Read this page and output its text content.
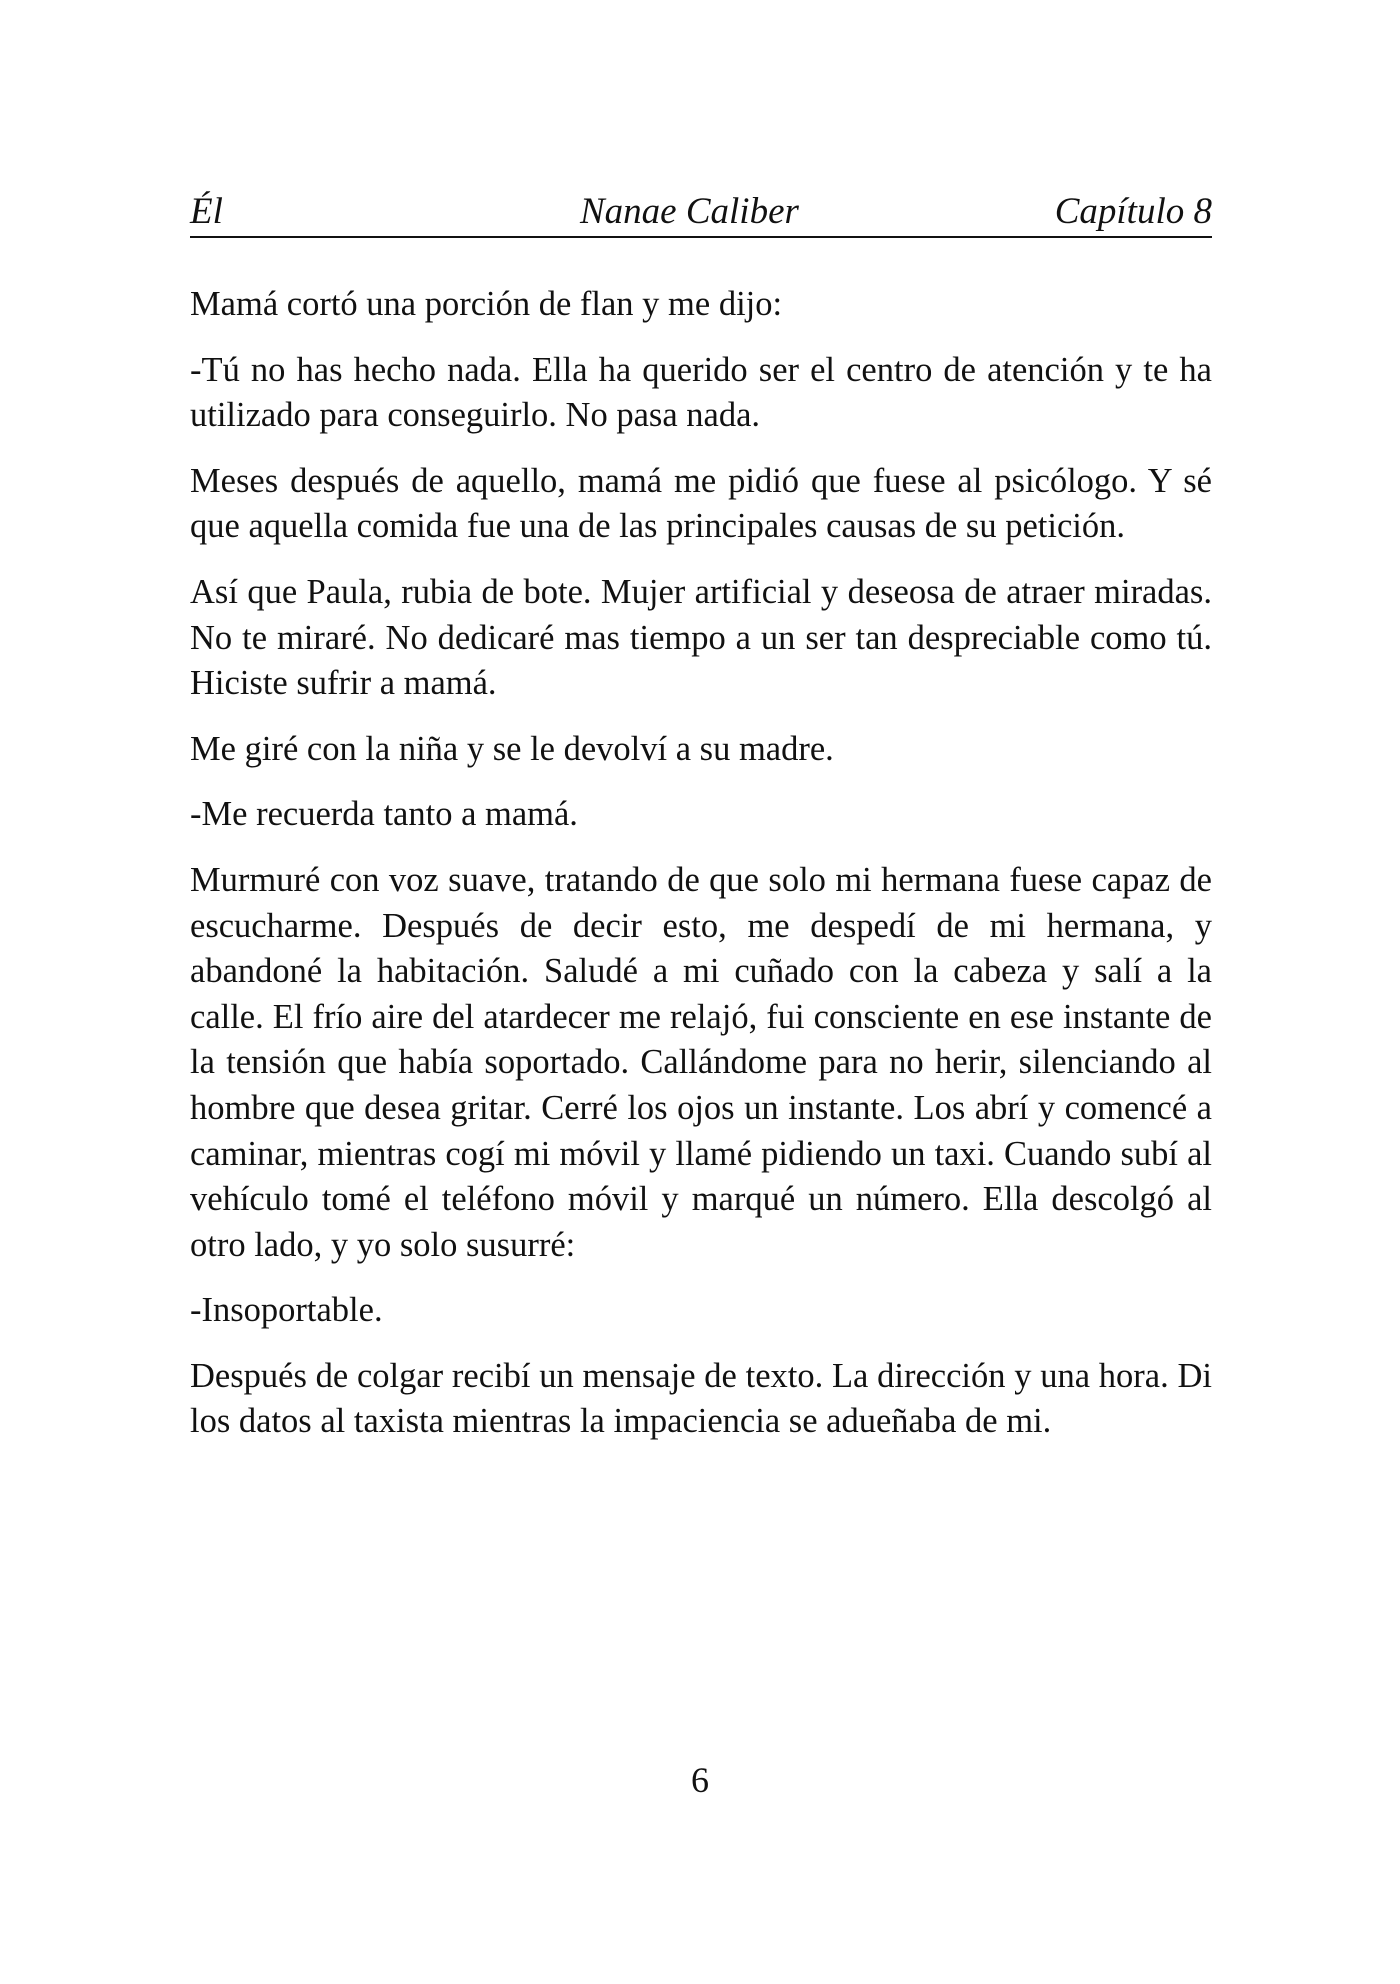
Él	Nanae Caliber	Capítulo 8

Mamá cortó una porción de flan y me dijo:

-Tú no has hecho nada. Ella ha querido ser el centro de atención y te ha utilizado para conseguirlo. No pasa nada.

Meses después de aquello, mamá me pidió que fuese al psicólogo. Y sé que aquella comida fue una de las principales causas de su petición.

Así que Paula, rubia de bote. Mujer artificial y deseosa de atraer miradas. No te miraré. No dedicaré mas tiempo a un ser tan despreciable como tú. Hiciste sufrir a mamá.

Me giré con la niña y se le devolví a su madre.

-Me recuerda tanto a mamá.

Murmuré con voz suave, tratando de que solo mi hermana fuese capaz de escucharme. Después de decir esto, me despedí de mi hermana, y abandoné la habitación. Saludé a mi cuñado con la cabeza y salí a la calle. El frío aire del atardecer me relajó, fui consciente en ese instante de la tensión que había soportado. Callándome para no herir, silenciando al hombre que desea gritar. Cerré los ojos un instante. Los abrí y comencé a caminar, mientras cogí mi móvil y llamé pidiendo un taxi. Cuando subí al vehículo tomé el teléfono móvil y marqué un número. Ella descolgó al otro lado, y yo solo susurré:

-Insoportable.

Después de colgar recibí un mensaje de texto. La dirección y una hora. Di los datos al taxista mientras la impaciencia se adueñaba de mi.

6
